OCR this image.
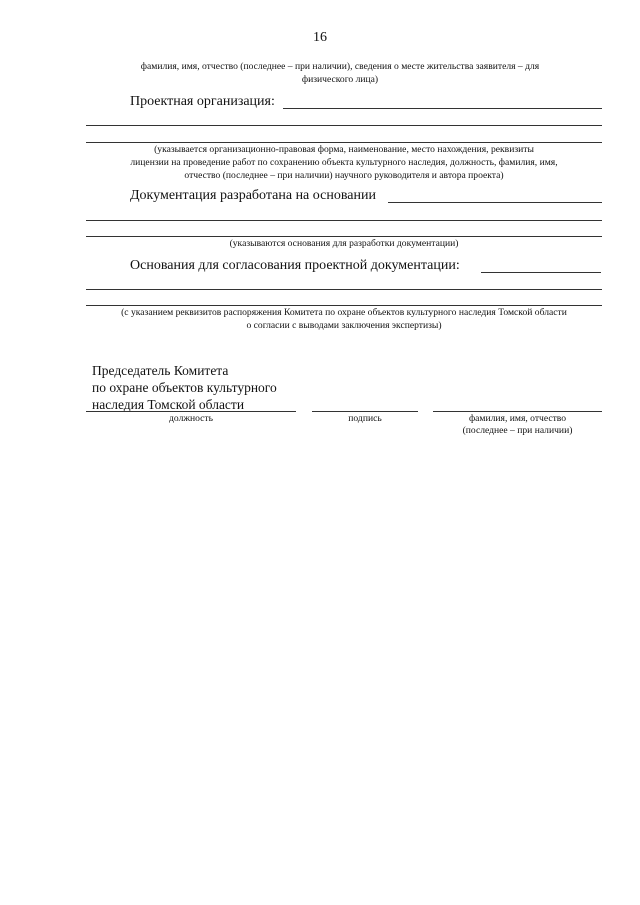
16
фамилия, имя, отчество (последнее – при наличии), сведения о месте жительства заявителя – для
физического лица)
Проектная организация:
(указывается организационно-правовая форма, наименование, место нахождения, реквизиты
лицензии на проведение работ по сохранению объекта культурного наследия, должность, фамилия, имя,
отчество (последнее – при наличии) научного руководителя и автора проекта)
Документация разработана на основании
(указываются основания для разработки документации)
Основания для согласования проектной документации:
(с указанием реквизитов распоряжения Комитета по охране объектов культурного наследия Томской области
о согласии с выводами заключения экспертизы)
Председатель Комитета
по охране объектов культурного
наследия Томской области
должность	подпись	фамилия, имя, отчество
(последнее – при наличии)
